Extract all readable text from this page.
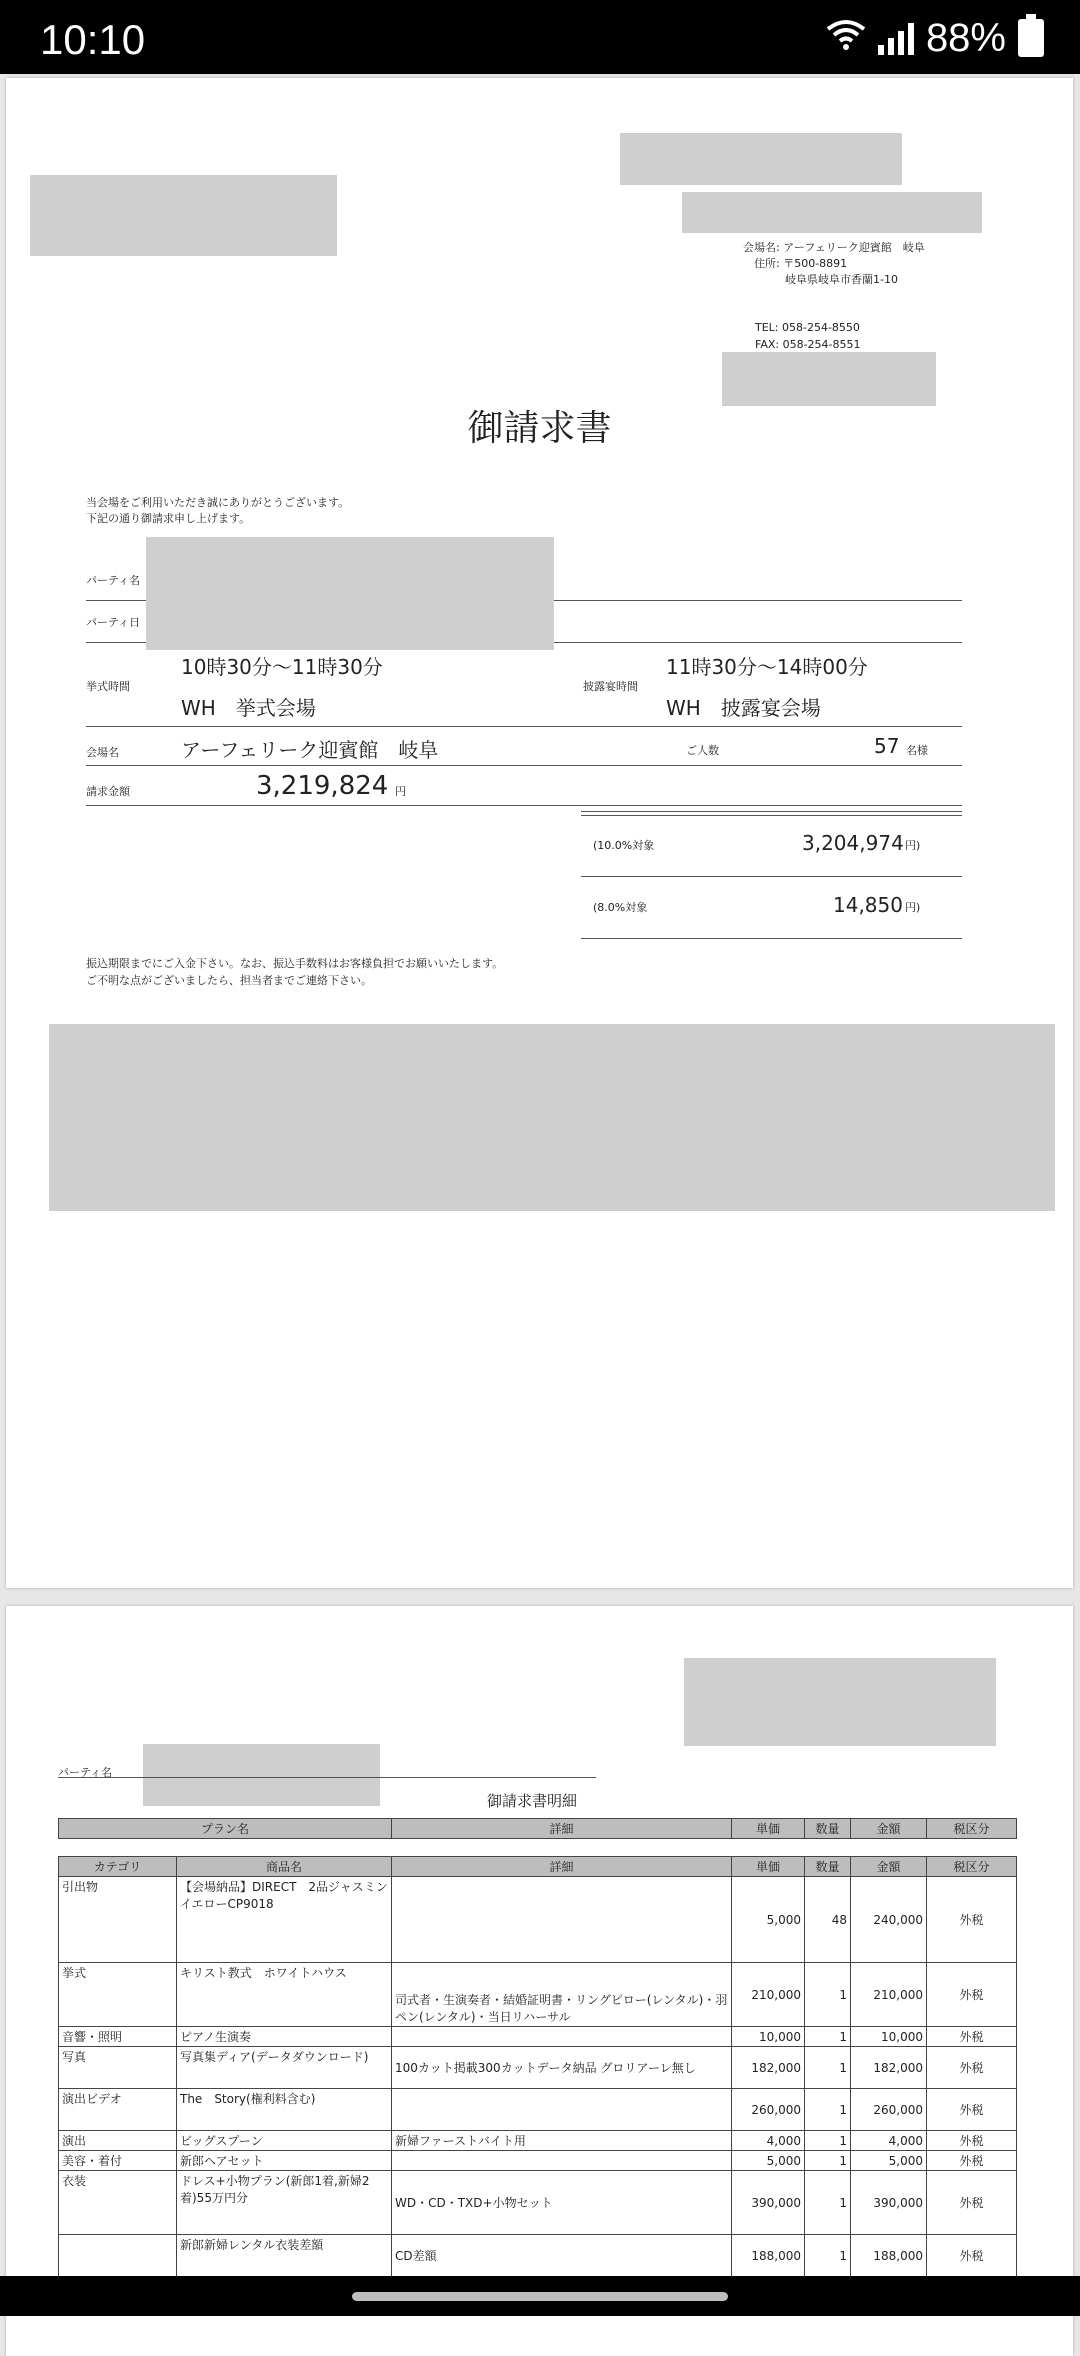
10:10	88%
会場名: アーフェリーク迎賓館　岐阜
住所: 〒500-8891
岐阜県岐阜市香蘭1-10
TEL: 058-254-8550
FAX: 058-254-8551
御請求書
当会場をご利用いただき誠にありがとうございます。
下記の通り御請求申し上げます。
パーティ名
パーティ日
挙式時間
10時30分～11時30分
WH　挙式会場
披露宴時間
11時30分～14時00分
WH　披露宴会場
会場名	アーフェリーク迎賓館　岐阜	ご人数	57 名様
請求金額	3,219,824 円
(10.0%対象	3,204,974 円)
(8.0%対象	14,850 円)
振込期限までにご入金下さい。なお、振込手数料はお客様負担でお願いいたします。
ご不明な点がございましたら、担当者までご連絡下さい。
パーティ名
御請求書明細
プラン名	詳細	単価	数量	金額	税区分
カテゴリ	商品名	詳細	単価	数量	金額	税区分
引出物	【会場納品】DIRECT　2品ジャスミンイエローCP9018		5,000	48	240,000	外税
挙式	キリスト教式　ホワイトハウス	司式者・生演奏者・結婚証明書・リングピロー(レンタル)・羽ペン(レンタル)・当日リハーサル	210,000	1	210,000	外税
音響・照明	ピアノ生演奏		10,000	1	10,000	外税
写真	写真集ディア(データダウンロード)	100カット掲載300カットデータ納品 グロリアーレ無し	182,000	1	182,000	外税
演出ビデオ	The　Story(権利料含む)		260,000	1	260,000	外税
演出	ビッグスプーン	新婦ファーストバイト用	4,000	1	4,000	外税
美容・着付	新郎ヘアセット		5,000	1	5,000	外税
衣装	ドレス+小物プラン(新郎1着,新婦2着)55万円分	WD・CD・TXD+小物セット	390,000	1	390,000	外税
	新郎新婦レンタル衣装差額	CD差額	188,000	1	188,000	外税
